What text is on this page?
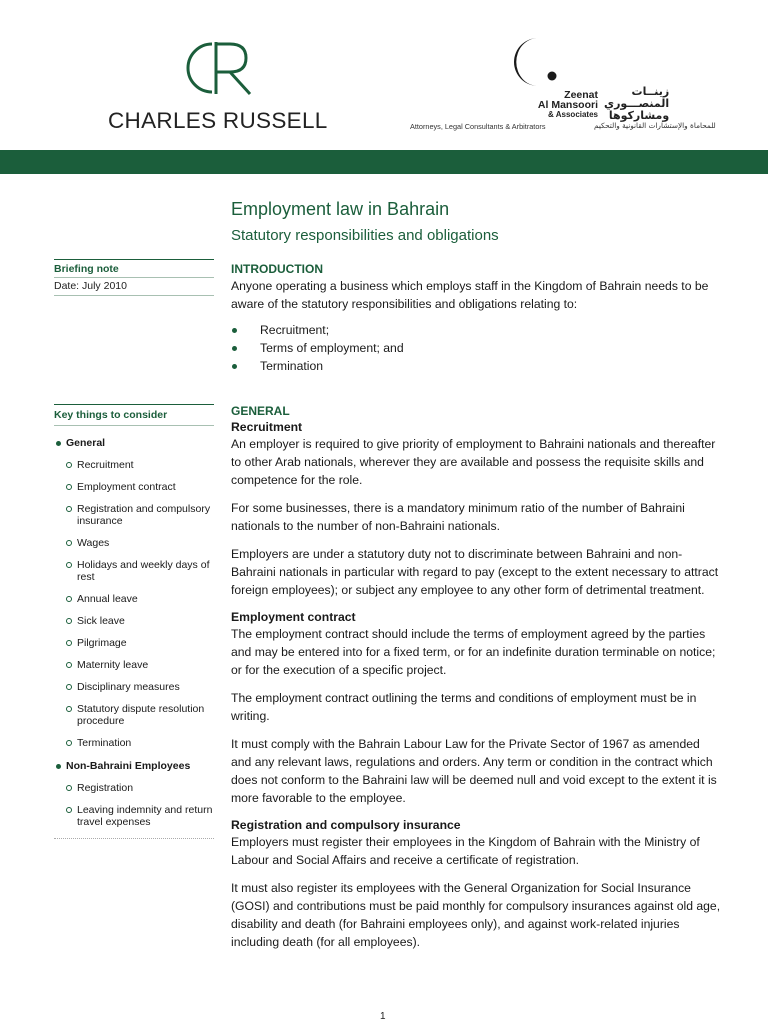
CHARLES RUSSELL
Zeenat
Al Mansoori
& Associates
زينــات
المنصـــوري
ومشاركوها
Attorneys, Legal Consultants & Arbitrators	للمحاماة والإستشارات القانونية والتحكيم
Employment law in Bahrain
Statutory responsibilities and obligations
Briefing note
Date: July 2010
Key things to consider
General
Recruitment
Employment contract
Registration and compulsory insurance
Wages
Holidays and weekly days of rest
Annual leave
Sick leave
Pilgrimage
Maternity leave
Disciplinary measures
Statutory dispute resolution procedure
Termination
Non-Bahraini Employees
Registration
Leaving indemnity and return travel expenses
INTRODUCTION

Anyone operating a business which employs staff in the Kingdom of Bahrain needs to be aware of the statutory responsibilities and obligations relating to:

Recruitment;
Terms of employment; and
Termination
GENERAL
Recruitment

An employer is required to give priority of employment to Bahraini nationals and thereafter to other Arab nationals, wherever they are available and possess the requisite skills and competence for the role.

For some businesses, there is a mandatory minimum ratio of the number of Bahraini nationals to the number of non-Bahraini nationals.

Employers are under a statutory duty not to discriminate between Bahraini and non-Bahraini nationals in particular with regard to pay (except to the extent necessary to attract foreign employees); or subject any employee to any other form of detrimental treatment.

Employment contract

The employment contract should include the terms of employment agreed by the parties and may be entered into for a fixed term, or for an indefinite duration terminable on notice; or for the execution of a specific project.

The employment contract outlining the terms and conditions of employment must be in writing.

It must comply with the Bahrain Labour Law for the Private Sector of 1967 as amended and any relevant laws, regulations and orders. Any term or condition in the contract which does not conform to the Bahraini law will be deemed null and void except to the extent it is more favorable to the employee.

Registration and compulsory insurance

Employers must register their employees in the Kingdom of Bahrain with the Ministry of Labour and Social Affairs and receive a certificate of registration.

It must also register its employees with the General Organization for Social Insurance (GOSI) and contributions must be paid monthly for compulsory insurances against old age, disability and death (for Bahraini employees only), and against work-related injuries including death (for all employees).

1
